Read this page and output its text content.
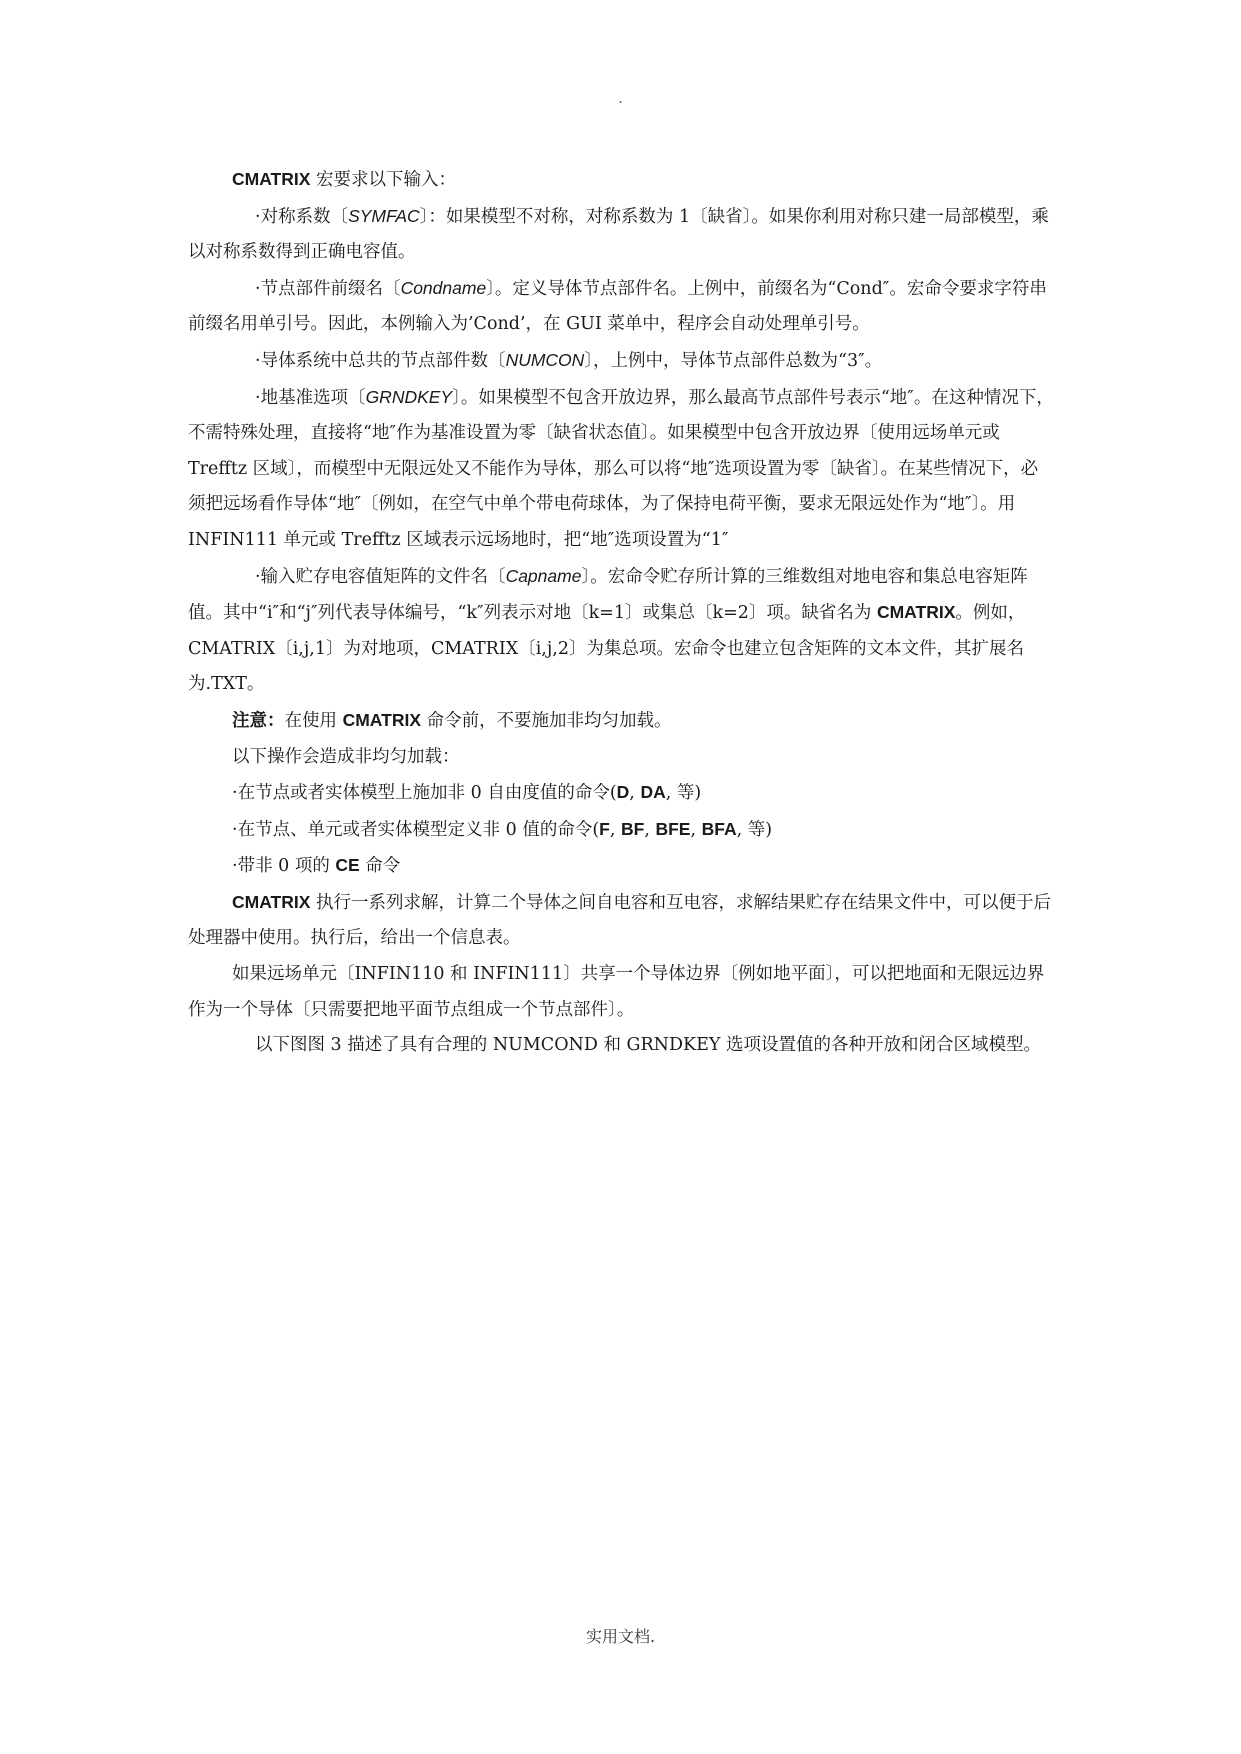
.

CMATRIX 宏要求以下输入：

·对称系数〔SYMFAC〕：如果模型不对称，对称系数为 1〔缺省〕。如果你利用对称只建一局部模型，乘以对称系数得到正确电容值。

·节点部件前缀名〔Condname〕。定义导体节点部件名。上例中，前缀名为“Cond″。宏命令要求字符串前缀名用单引号。因此，本例输入为’Cond’，在 GUI 菜单中，程序会自动处理单引号。

·导体系统中总共的节点部件数〔NUMCON〕，上例中，导体节点部件总数为“3″。

·地基准选项〔GRNDKEY〕。如果模型不包含开放边界，那么最高节点部件号表示“地″。在这种情况下，不需特殊处理，直接将“地″作为基准设置为零〔缺省状态值〕。如果模型中包含开放边界〔使用远场单元或 Trefftz 区域〕，而模型中无限远处又不能作为导体，那么可以将“地″选项设置为零〔缺省〕。在某些情况下，必须把远场看作导体“地″〔例如，在空气中单个带电荷球体，为了保持电荷平衡，要求无限远处作为“地″〕。用 INFIN111 单元或 Trefftz 区域表示远场地时，把“地″选项设置为“1″

·输入贮存电容值矩阵的文件名〔Capname〕。宏命令贮存所计算的三维数组对地电容和集总电容矩阵值。其中“i″和“j″列代表导体编号，“k″列表示对地〔k=1〕或集总〔k=2〕项。缺省名为 CMATRIX。例如，CMATRIX〔i,j,1〕为对地项，CMATRIX〔i,j,2〕为集总项。宏命令也建立包含矩阵的文本文件，其扩展名为.TXT。

注意：在使用 CMATRIX 命令前，不要施加非均匀加载。

以下操作会造成非均匀加载：

·在节点或者实体模型上施加非 0 自由度值的命令(D, DA, 等)

·在节点、单元或者实体模型定义非 0 值的命令(F, BF, BFE, BFA, 等)

·带非 0 项的 CE 命令

CMATRIX 执行一系列求解，计算二个导体之间自电容和互电容，求解结果贮存在结果文件中，可以便于后处理器中使用。执行后，给出一个信息表。

如果远场单元〔INFIN110 和 INFIN111〕共享一个导体边界〔例如地平面〕，可以把地面和无限远边界作为一个导体〔只需要把地平面节点组成一个节点部件〕。

以下图图 3 描述了具有合理的 NUMCOND 和 GRNDKEY 选项设置值的各种开放和闭合区域模型。

实用文档.
